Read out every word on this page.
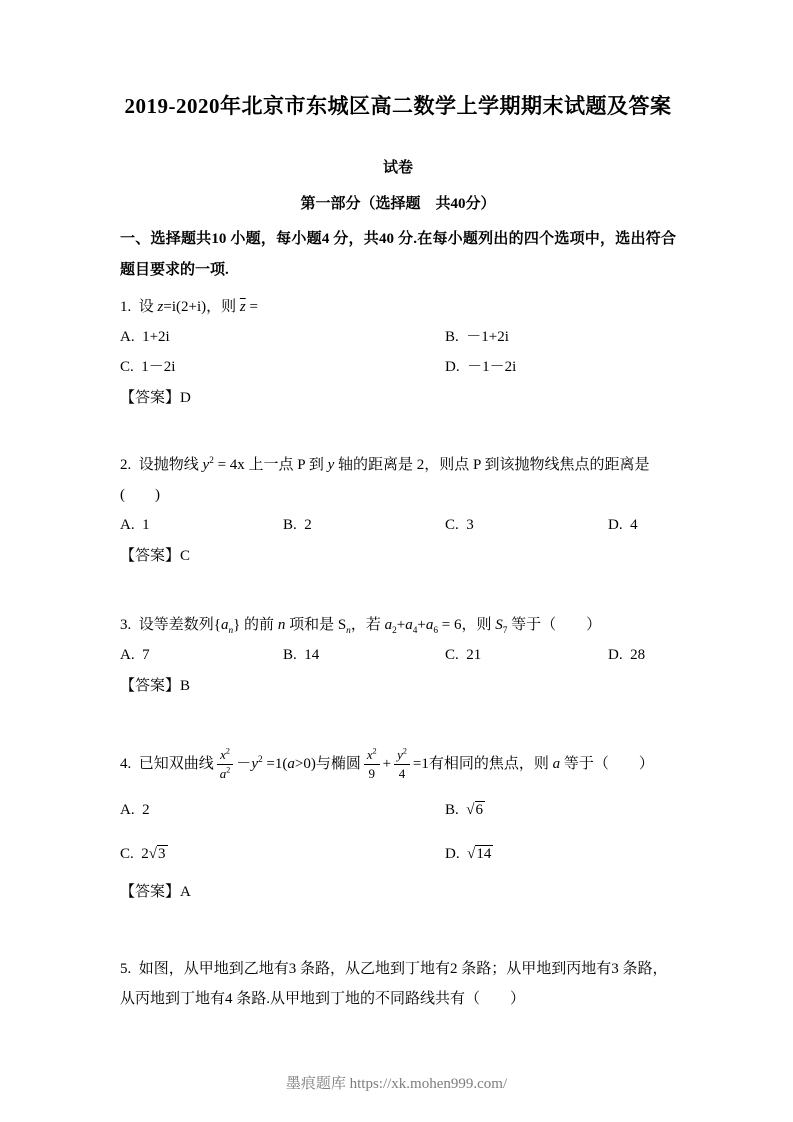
2019-2020年北京市东城区高二数学上学期期末试题及答案
试卷
第一部分（选择题　共40分）

一、选择题共10 小题，每小题4 分，共40 分.在每小题列出的四个选项中，选出符合题目要求的一项.

1.  设 z=i(2+i)，则 $\overline{z}$ =

A.  1+2i	B.  －1+2i
C.  1－2i	D.  －1－2i

【答案】D

2.  设抛物线 $y^2 = 4x$ 上一点 P 到 y 轴的距离是 2，则点 P 到该抛物线焦点的距离是(　　)

A.  1	B.  2	C.  3	D.  4

【答案】C

3.  设等差数列$\{a_n\}$ 的前 n 项和是 $S_n$，若 $a_2+a_4+a_6 = 6$，则 $S_7$ 等于（　　）

A.  7	B.  14	C.  21	D.  28

【答案】B

4.  已知双曲线 $\frac{x^2}{a^2} -y^2 =1(a>0)$与椭圆 $\frac{x^2}{9} + \frac{y^2}{4} =1$有相同的焦点，则 a 等于（　　）

A.  2	B.  √6
C.  2√3	D.  √14

【答案】A

5.  如图，从甲地到乙地有3 条路，从乙地到丁地有2 条路；从甲地到丙地有3 条路，从丙地到丁地有4 条路.从甲地到丁地的不同路线共有（　　）

墨痕题库 https://xk.mohen999.com/
